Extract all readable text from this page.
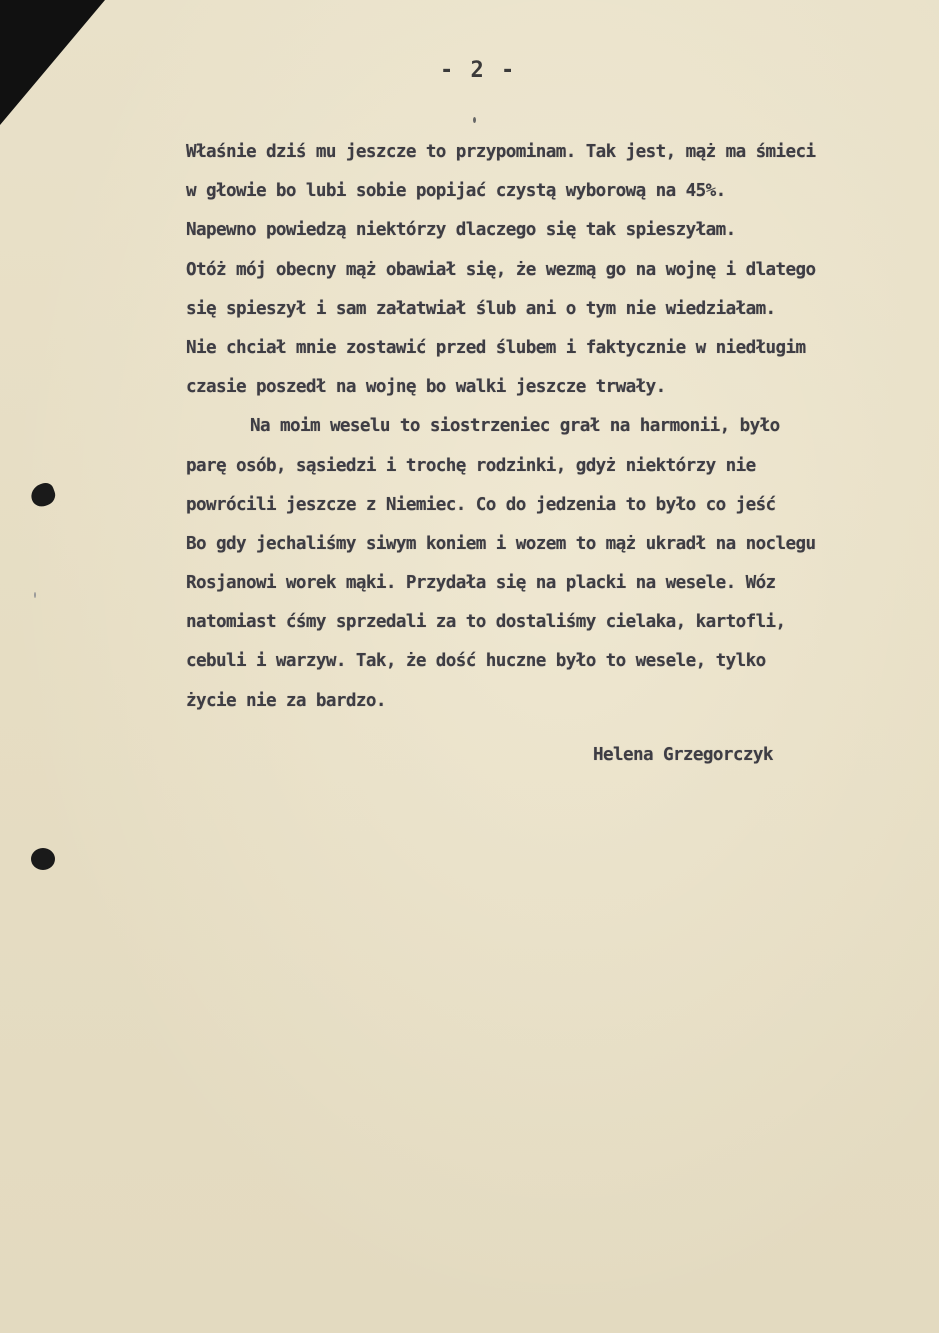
- 2 -
Właśnie dziś mu jeszcze to przypominam. Tak jest, mąż ma śmieci
w głowie bo lubi sobie popijać czystą wyborową na 45%.
Napewno powiedzą niektórzy dlaczego się tak spieszyłam.
Otóż mój obecny mąż obawiał się, że wezmą go na wojnę i dlatego
się spieszył i sam załatwiał ślub ani o tym nie wiedziałam.
Nie chciał mnie zostawić przed ślubem i faktycznie w niedługim
czasie poszedł na wojnę bo walki jeszcze trwały.
Na moim weselu to siostrzeniec grał na harmonii, było
parę osób, sąsiedzi i trochę rodzinki, gdyż niektórzy nie
powrócili jeszcze z Niemiec. Co do jedzenia to było co jeść
Bo gdy jechaliśmy siwym koniem i wozem to mąż ukradł na noclegu
Rosjanowi worek mąki. Przydała się na placki na wesele. Wóz
natomiast ćśmy sprzedali za to dostaliśmy cielaka, kartofli,
cebuli i warzyw. Tak, że dość huczne było to wesele, tylko
życie nie za bardzo.
Helena Grzegorczyk
